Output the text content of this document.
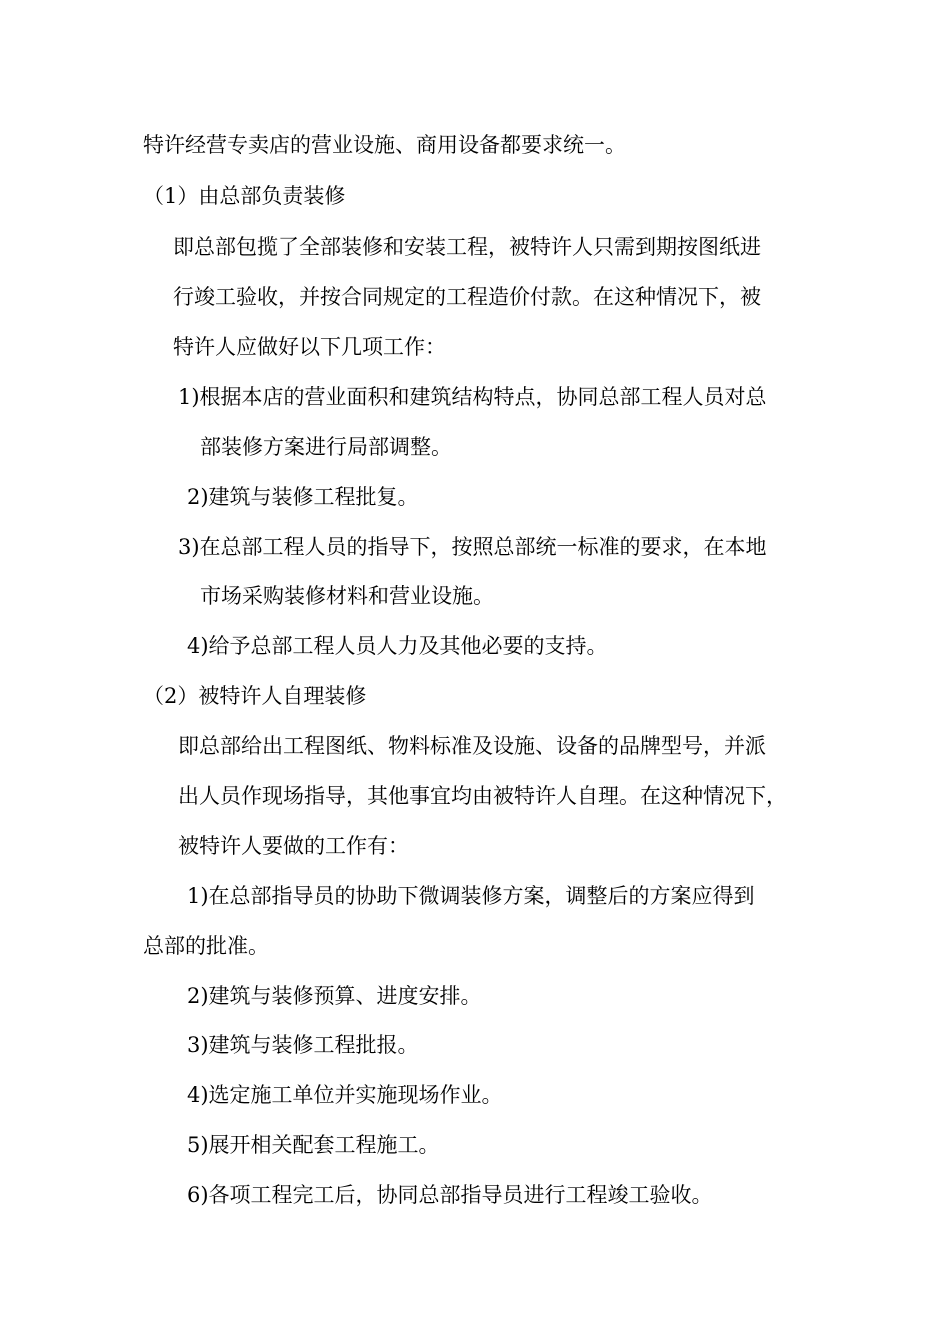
特许经营专卖店的营业设施、商用设备都要求统一。

（1）由总部负责装修

即总部包揽了全部装修和安装工程，被特许人只需到期按图纸进

行竣工验收，并按合同规定的工程造价付款。在这种情况下，被

特许人应做好以下几项工作：

1)根据本店的营业面积和建筑结构特点，协同总部工程人员对总

部装修方案进行局部调整。

2)建筑与装修工程批复。

3)在总部工程人员的指导下，按照总部统一标准的要求，在本地

市场采购装修材料和营业设施。

4)给予总部工程人员人力及其他必要的支持。

（2）被特许人自理装修

即总部给出工程图纸、物料标准及设施、设备的品牌型号，并派

出人员作现场指导，其他事宜均由被特许人自理。在这种情况下，

被特许人要做的工作有：

1)在总部指导员的协助下微调装修方案，调整后的方案应得到

总部的批准。

2)建筑与装修预算、进度安排。

3)建筑与装修工程批报。

4)选定施工单位并实施现场作业。

5)展开相关配套工程施工。

6)各项工程完工后，协同总部指导员进行工程竣工验收。
